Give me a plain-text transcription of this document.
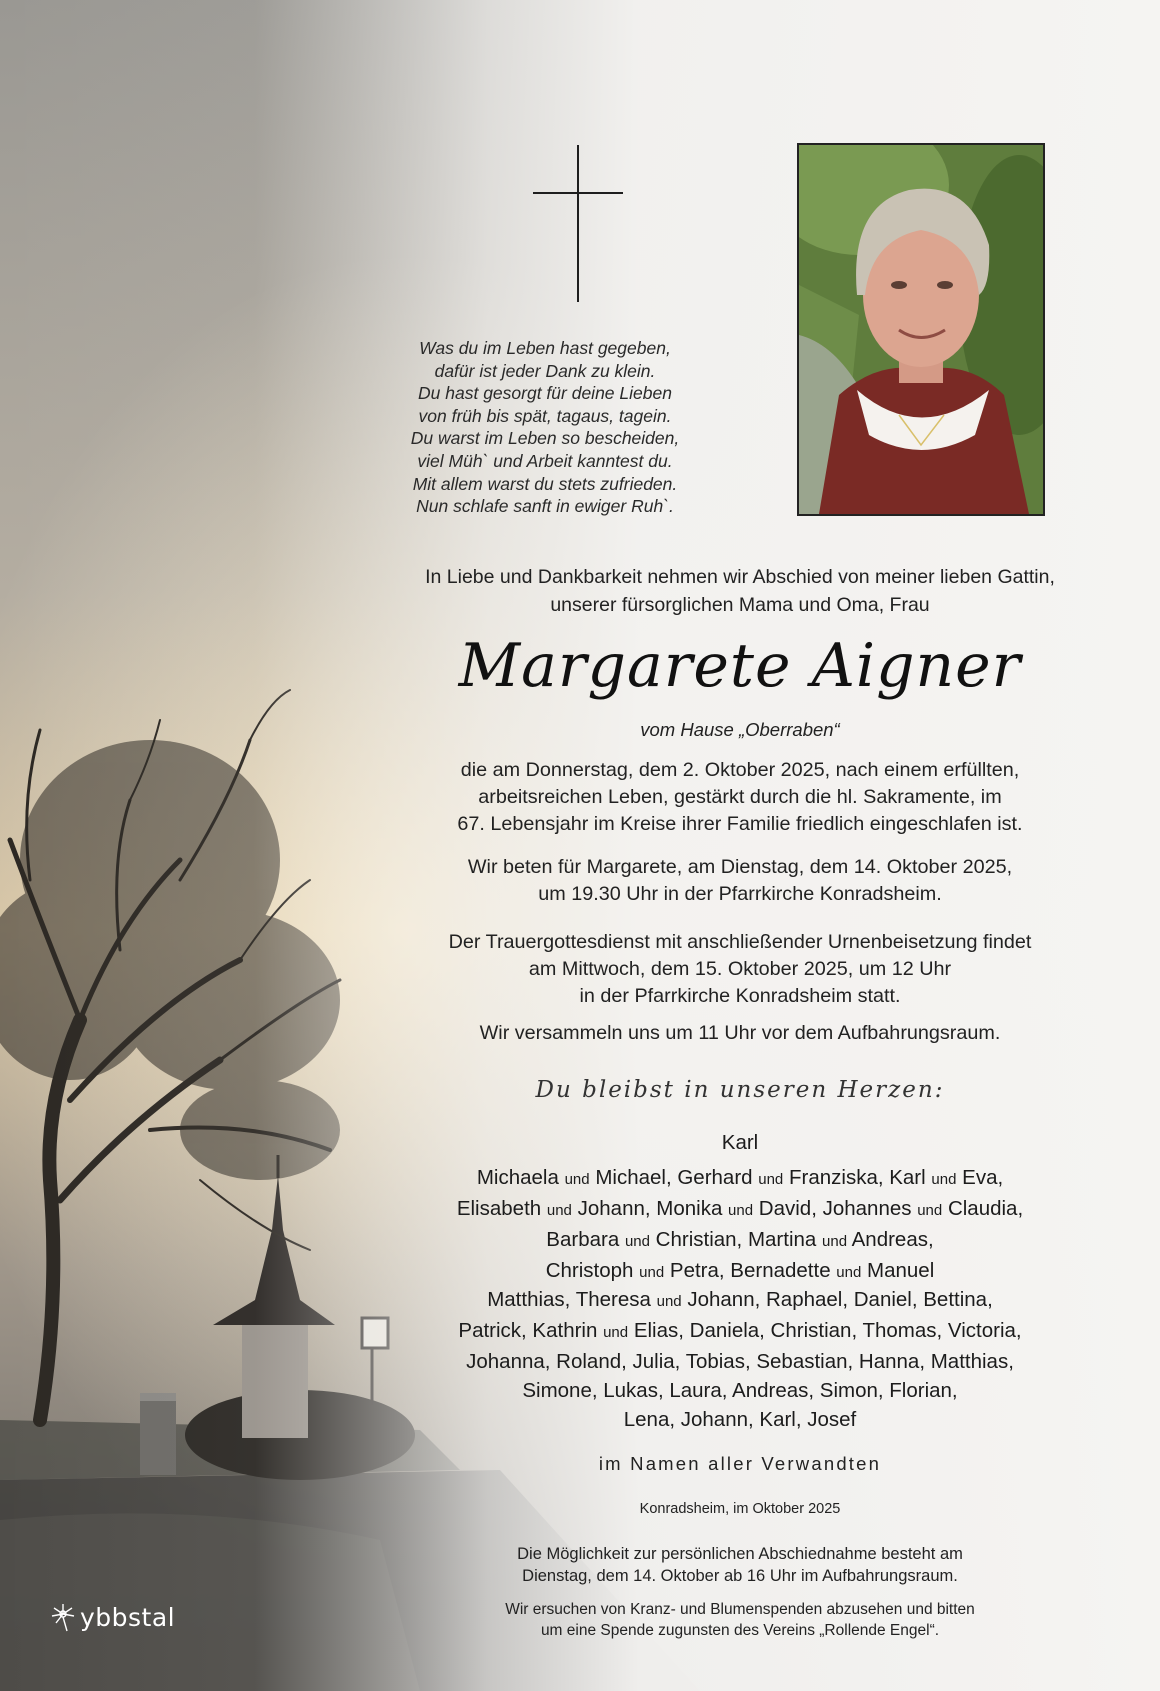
Was du im Leben hast gegeben,
dafür ist jeder Dank zu klein.
Du hast gesorgt für deine Lieben
von früh bis spät, tagaus, tagein.
Du warst im Leben so bescheiden,
viel Müh` und Arbeit kanntest du.
Mit allem warst du stets zufrieden.
Nun schlafe sanft in ewiger Ruh`.
In Liebe und Dankbarkeit nehmen wir Abschied von meiner lieben Gattin,
unserer fürsorglichen Mama und Oma, Frau
Margarete Aigner
vom Hause „Oberraben“
die am Donnerstag, dem 2. Oktober 2025, nach einem erfüllten,
arbeitsreichen Leben, gestärkt durch die hl. Sakramente, im
67. Lebensjahr im Kreise ihrer Familie friedlich eingeschlafen ist.
Wir beten für Margarete, am Dienstag, dem 14. Oktober 2025,
um 19.30 Uhr in der Pfarrkirche Konradsheim.
Der Trauergottesdienst mit anschließender Urnenbeisetzung findet
am Mittwoch, dem 15. Oktober 2025, um 12 Uhr
in der Pfarrkirche Konradsheim statt.
Wir versammeln uns um 11 Uhr vor dem Aufbahrungsraum.
Du bleibst in unseren Herzen:
Karl
Michaela und Michael, Gerhard und Franziska, Karl und Eva,
Elisabeth und Johann, Monika und David, Johannes und Claudia,
Barbara und Christian, Martina und Andreas,
Christoph und Petra, Bernadette und Manuel
Matthias, Theresa und Johann, Raphael, Daniel, Bettina,
Patrick, Kathrin und Elias, Daniela, Christian, Thomas, Victoria,
Johanna, Roland, Julia, Tobias, Sebastian, Hanna, Matthias,
Simone, Lukas, Laura, Andreas, Simon, Florian,
Lena, Johann, Karl, Josef
im Namen aller Verwandten
Konradsheim, im Oktober 2025
Die Möglichkeit zur persönlichen Abschiednahme besteht am
Dienstag, dem 14. Oktober ab 16 Uhr im Aufbahrungsraum.
Wir ersuchen von Kranz- und Blumenspenden abzusehen und bitten
um eine Spende zugunsten des Vereins „Rollende Engel“.
ybbstal
